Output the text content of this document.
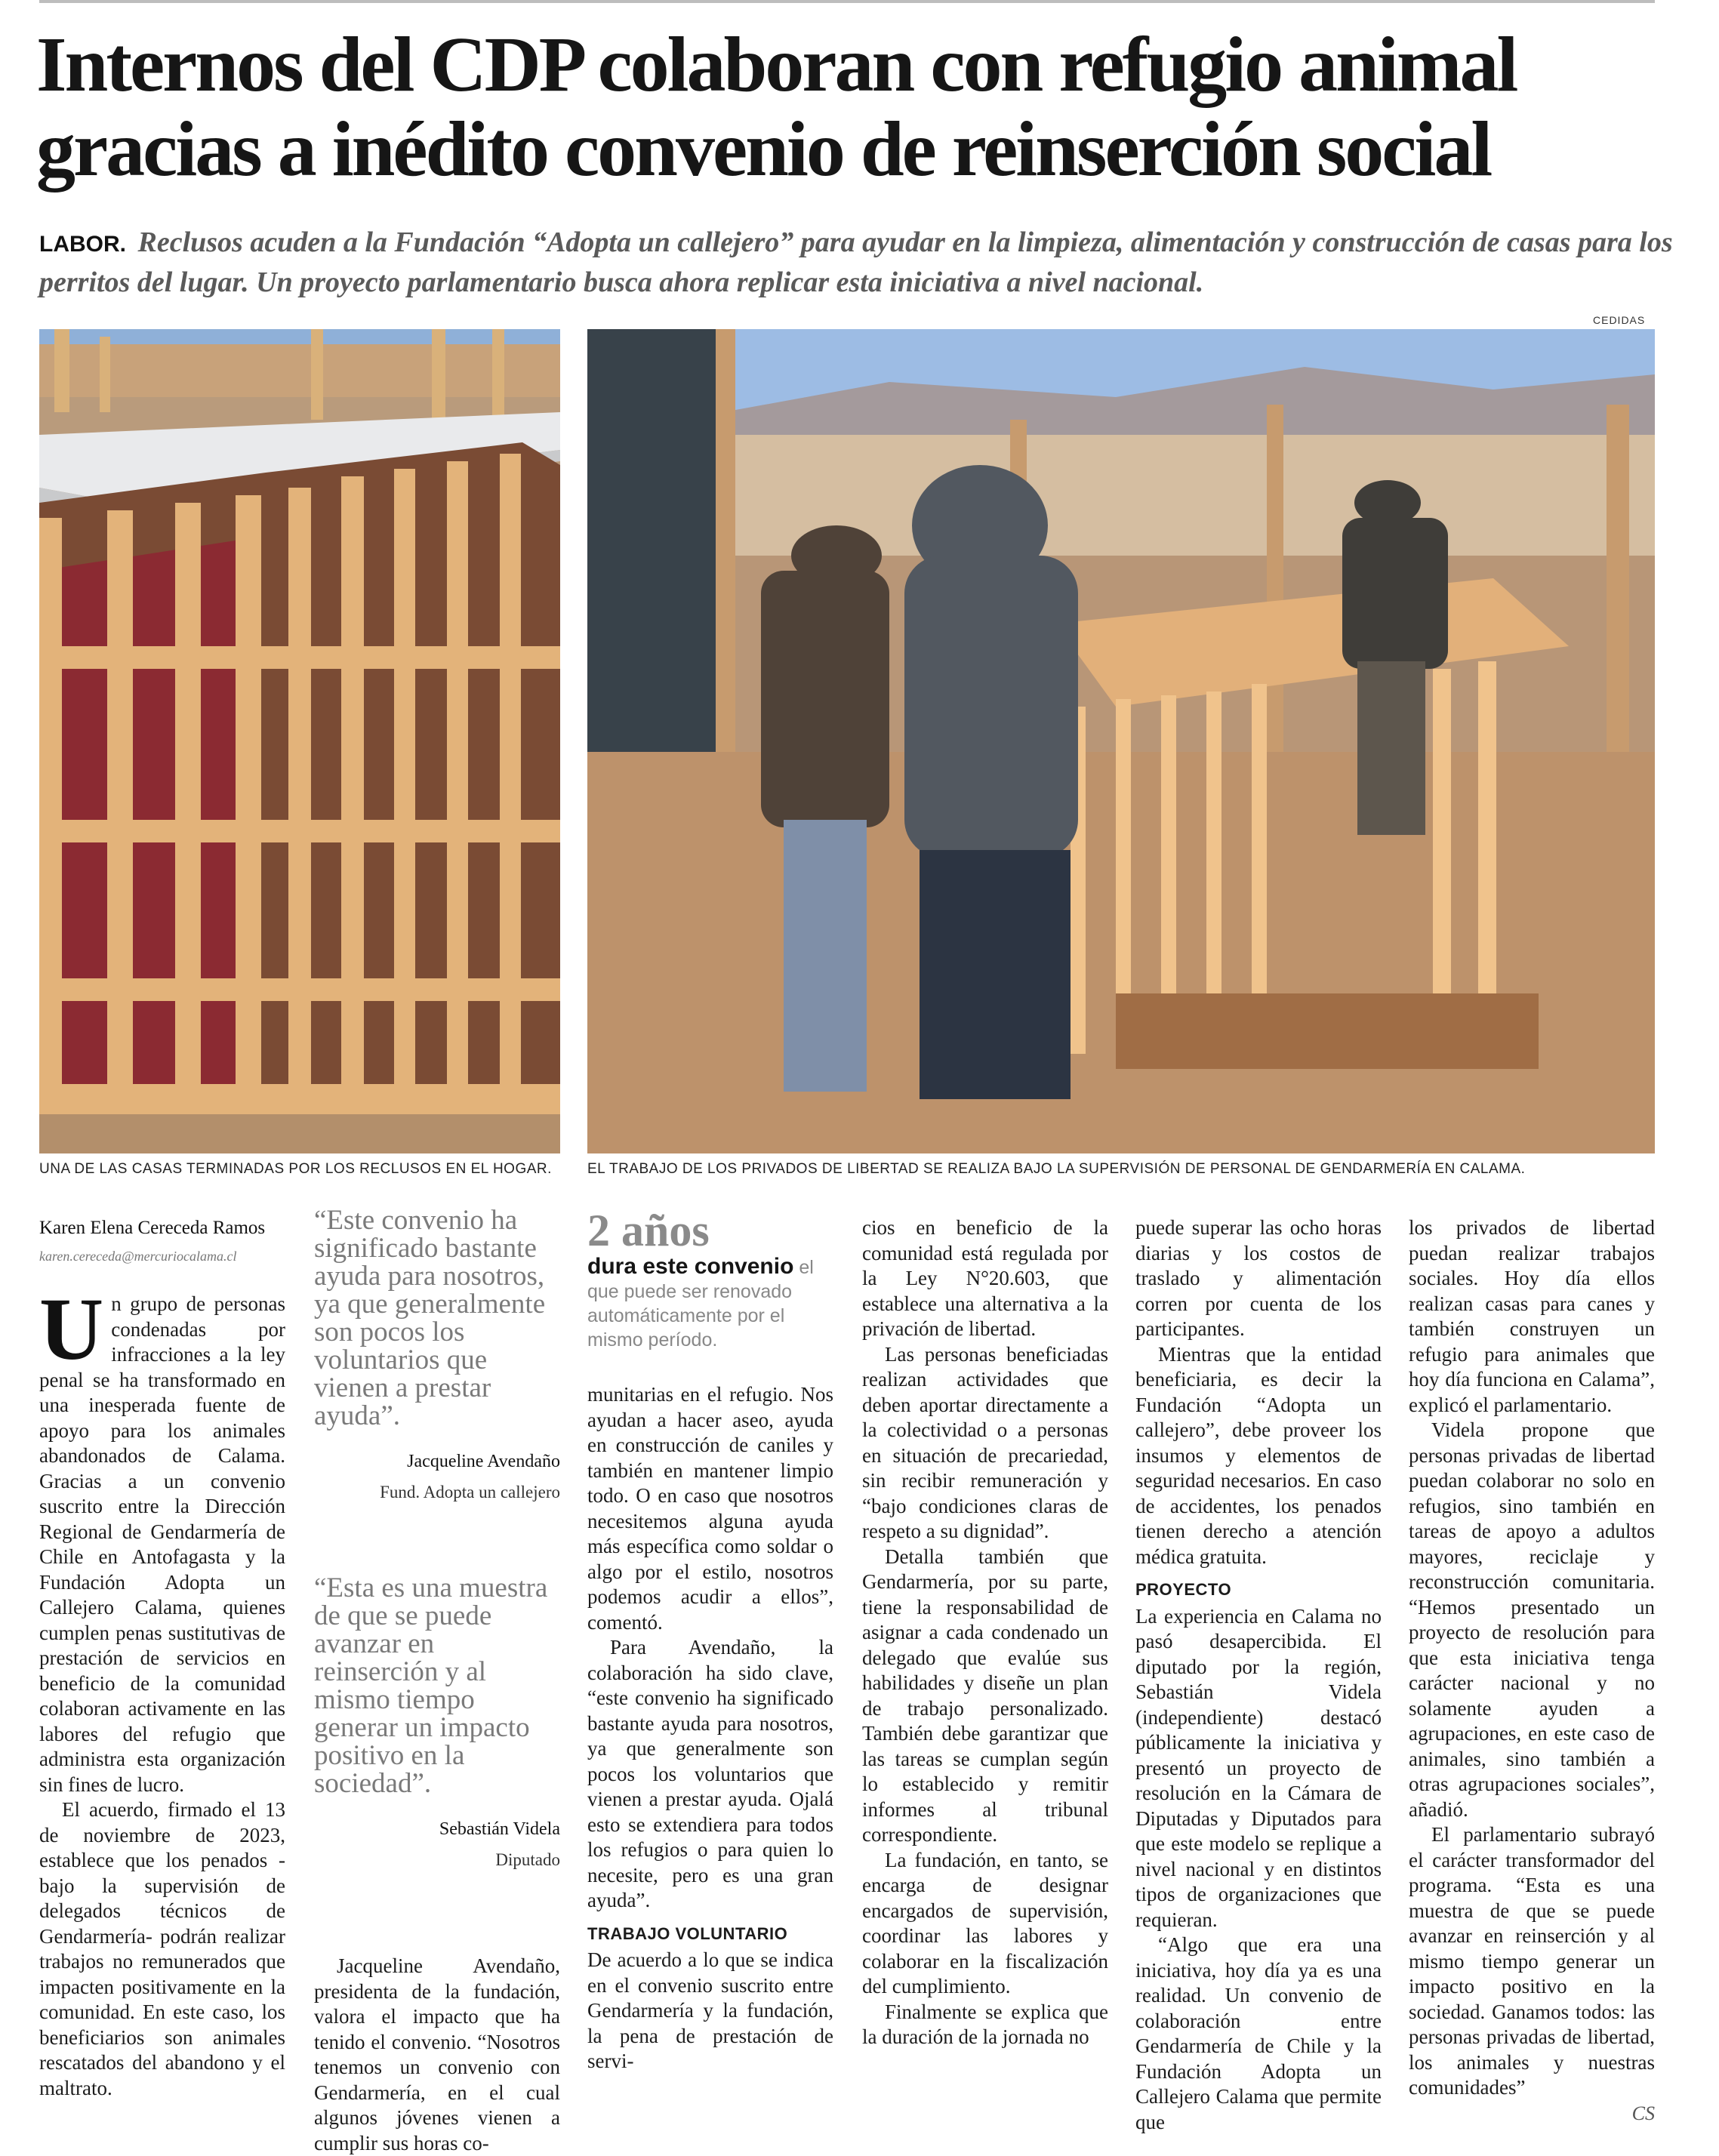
Internos del CDP colaboran con refugio animal gracias a inédito convenio de reinserción social
LABOR. Reclusos acuden a la Fundación “Adopta un callejero” para ayudar en la limpieza, alimentación y construcción de casas para los perritos del lugar. Un proyecto parlamentario busca ahora replicar esta iniciativa a nivel nacional.
CEDIDAS
UNA DE LAS CASAS TERMINADAS POR LOS RECLUSOS EN EL HOGAR.	EL TRABAJO DE LOS PRIVADOS DE LIBERTAD SE REALIZA BAJO LA SUPERVISIÓN DE PERSONAL DE GENDARMERÍA EN CALAMA.
Karen Elena Cereceda Ramos
karen.cereceda@mercuriocalama.cl

Un grupo de personas condenadas por infracciones a la ley penal se ha transformado en una inesperada fuente de apoyo para los animales abandonados de Calama. Gracias a un convenio suscrito entre la Dirección Regional de Gendarmería de Chile en Antofagasta y la Fundación Adopta un Callejero Calama, quienes cumplen penas sustitutivas de prestación de servicios en beneficio de la comunidad colaboran activamente en las labores del refugio que administra esta organización sin fines de lucro.

El acuerdo, firmado el 13 de noviembre de 2023, establece que los penados -bajo la supervisión de delegados técnicos de Gendarmería- podrán realizar trabajos no remunerados que impacten positivamente en la comunidad. En este caso, los beneficiarios son animales rescatados del abandono y el maltrato.

“Este convenio ha significado bastante ayuda para nosotros, ya que generalmente son pocos los voluntarios que vienen a prestar ayuda”.
Jacqueline Avendaño
Fund. Adopta un callejero
“Esta es una muestra de que se puede avanzar en reinserción y al mismo tiempo generar un impacto positivo en la sociedad”.
Sebastián Videla
Diputado

Jacqueline Avendaño, presidenta de la fundación, valora el impacto que ha tenido el convenio. “Nosotros tenemos un convenio con Gendarmería, en el cual algunos jóvenes vienen a cumplir sus horas co-

2 años
dura este convenio el que puede ser renovado automáticamente por el mismo período.

munitarias en el refugio. Nos ayudan a hacer aseo, ayuda en construcción de caniles y también en mantener limpio todo. O en caso que nosotros necesitemos alguna ayuda más específica como soldar o algo por el estilo, nosotros podemos acudir a ellos”, comentó.

Para Avendaño, la colaboración ha sido clave, “este convenio ha significado bastante ayuda para nosotros, ya que generalmente son pocos los voluntarios que vienen a prestar ayuda. Ojalá esto se extendiera para todos los refugios o para quien lo necesite, pero es una gran ayuda”.

TRABAJO VOLUNTARIO

De acuerdo a lo que se indica en el convenio suscrito entre Gendarmería y la fundación, la pena de prestación de servi-

cios en beneficio de la comunidad está regulada por la Ley N°20.603, que establece una alternativa a la privación de libertad.

Las personas beneficiadas realizan actividades que deben aportar directamente a la colectividad o a personas en situación de precariedad, sin recibir remuneración y “bajo condiciones claras de respeto a su dignidad”.

Detalla también que Gendarmería, por su parte, tiene la responsabilidad de asignar a cada condenado un delegado que evalúe sus habilidades y diseñe un plan de trabajo personalizado. También debe garantizar que las tareas se cumplan según lo establecido y remitir informes al tribunal correspondiente.

La fundación, en tanto, se encarga de designar encargados de supervisión, coordinar las labores y colaborar en la fiscalización del cumplimiento.

Finalmente se explica que la duración de la jornada no

puede superar las ocho horas diarias y los costos de traslado y alimentación corren por cuenta de los participantes.

Mientras que la entidad beneficiaria, es decir la Fundación “Adopta un callejero”, debe proveer los insumos y elementos de seguridad necesarios. En caso de accidentes, los penados tienen derecho a atención médica gratuita.

PROYECTO

La experiencia en Calama no pasó desapercibida. El diputado por la región, Sebastián Videla (independiente) destacó públicamente la iniciativa y presentó un proyecto de resolución en la Cámara de Diputadas y Diputados para que este modelo se replique a nivel nacional y en distintos tipos de organizaciones que requieran.

“Algo que era una iniciativa, hoy día ya es una realidad. Un convenio de colaboración entre Gendarmería de Chile y la Fundación Adopta un Callejero Calama que permite que

los privados de libertad puedan realizar trabajos sociales. Hoy día ellos realizan casas para canes y también construyen un refugio para animales que hoy día funciona en Calama”, explicó el parlamentario.

Videla propone que personas privadas de libertad puedan colaborar no solo en refugios, sino también en tareas de apoyo a adultos mayores, reciclaje y reconstrucción comunitaria. “Hemos presentado un proyecto de resolución para que esta iniciativa tenga carácter nacional y no solamente ayuden a agrupaciones, en este caso de animales, sino también a otras agrupaciones sociales”, añadió.

El parlamentario subrayó el carácter transformador del programa. “Esta es una muestra de que se puede avanzar en reinserción y al mismo tiempo generar un impacto positivo en la sociedad. Ganamos todos: las personas privadas de libertad, los animales y nuestras comunidades”

CS
